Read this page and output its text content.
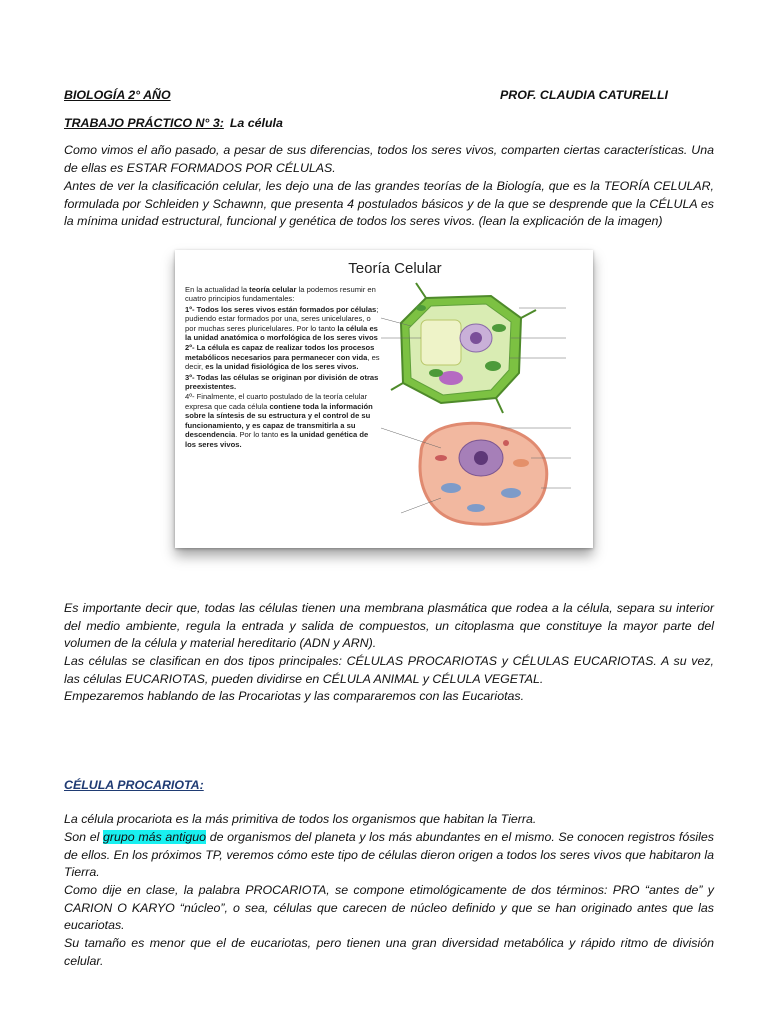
BIOLOGÍA 2° AÑO	PROF. CLAUDIA CATURELLI
TRABAJO PRÁCTICO N° 3: La célula

Como vimos el año pasado, a pesar de sus diferencias, todos los seres vivos, comparten ciertas características. Una de ellas es ESTAR FORMADOS POR CÉLULAS.

Antes de ver la clasificación celular, les dejo una de las grandes teorías de la Biología, que es la TEORÍA CELULAR, formulada por Schleiden y Schawnn, que presenta 4 postulados básicos y de la que se desprende que la CÉLULA es la mínima unidad estructural, funcional y genética de todos los seres vivos. (lean la explicación de la imagen)

Teoría Celular

En la actualidad la teoría celular la podemos resumir en cuatro principios fundamentales:

1º- Todos los seres vivos están formados por células; pudiendo estar formados por una, seres unicelulares, o por muchas seres pluricelulares. Por lo tanto la célula es la unidad anatómica o morfológica de los seres vivos

2º- La célula es capaz de realizar todos los procesos metabólicos necesarios para permanecer con vida, es decir, es la unidad fisiológica de los seres vivos.

3º- Todas las células se originan por división de otras preexistentes.

4º- Finalmente, el cuarto postulado de la teoría celular expresa que cada célula contiene toda la información sobre la síntesis de su estructura y el control de su funcionamiento, y es capaz de transmitirla a su descendencia. Por lo tanto es la unidad genética de los seres vivos.

Es importante decir que, todas las células tienen una membrana plasmática que rodea a la célula, separa su interior del medio ambiente, regula la entrada y salida de compuestos, un citoplasma que constituye la mayor parte del volumen de la célula y material hereditario (ADN y ARN).

Las células se clasifican en dos tipos principales: CÉLULAS PROCARIOTAS y CÉLULAS EUCARIOTAS. A su vez, las células EUCARIOTAS, pueden dividirse en CÉLULA ANIMAL y CÉLULA VEGETAL.

Empezaremos hablando de las Procariotas y las compararemos con las Eucariotas.

CÉLULA PROCARIOTA:

La célula procariota es la más primitiva de todos los organismos que habitan la Tierra.

Son el grupo más antiguo de organismos del planeta y los más abundantes en el mismo. Se conocen registros fósiles de ellos. En los próximos TP, veremos cómo este tipo de células dieron origen a todos los seres vivos que habitaron la Tierra.

Como dije en clase, la palabra PROCARIOTA, se compone etimológicamente de dos términos: PRO “antes de” y CARION O KARYO “núcleo”, o sea, células que carecen de núcleo definido y que se han originado antes que las eucariotas.

Su tamaño es menor que el de eucariotas, pero tienen una gran diversidad metabólica y rápido ritmo de división celular.
